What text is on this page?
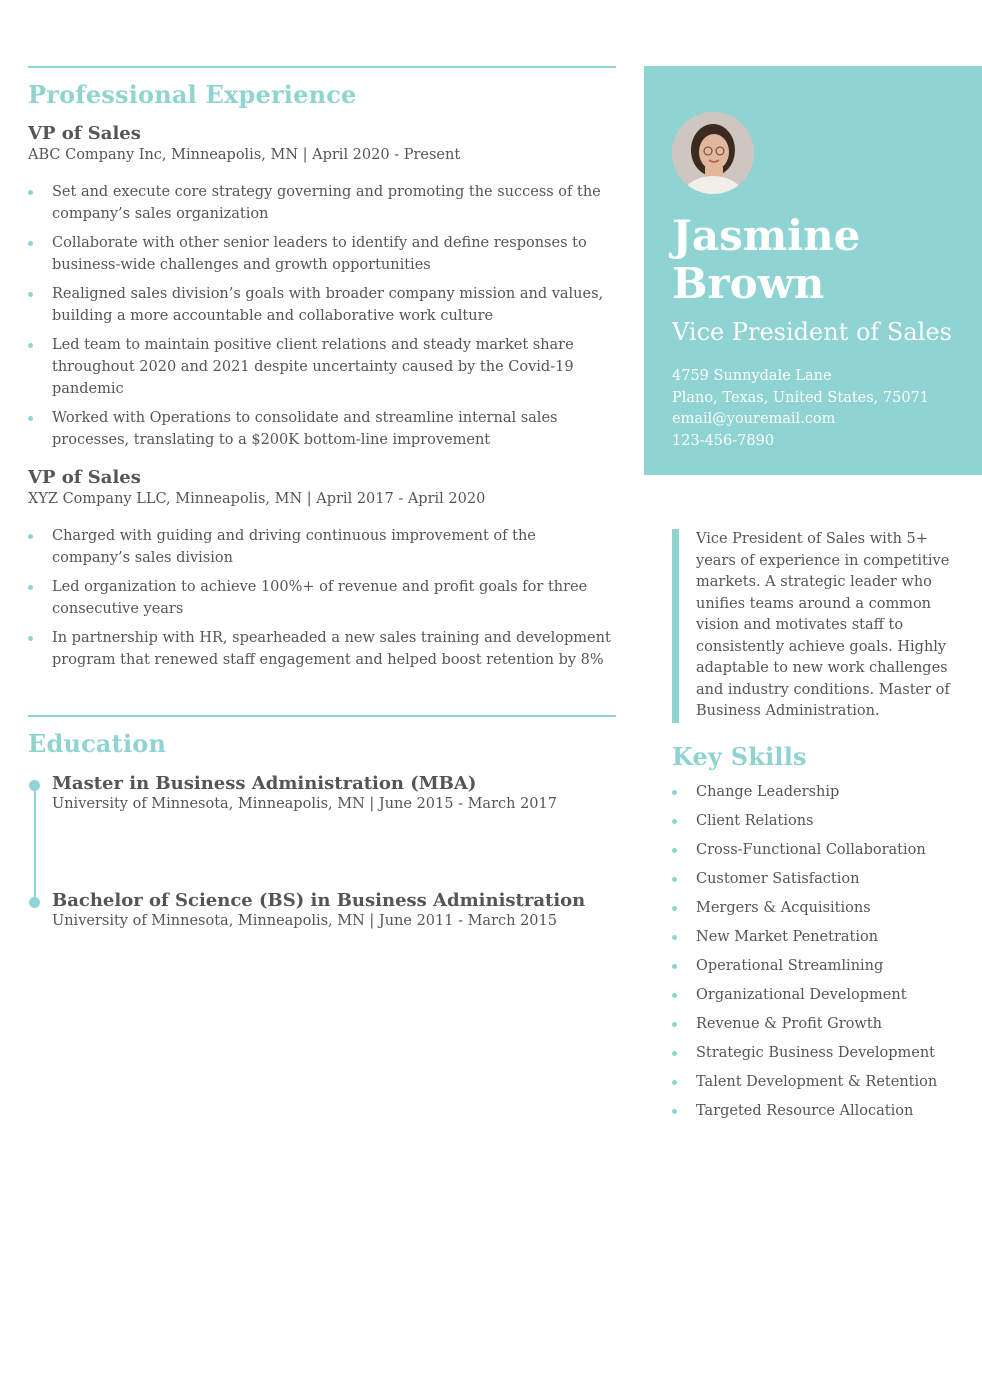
Professional Experience

VP of Sales

ABC Company Inc, Minneapolis, MN | April 2020 - Present

Set and execute core strategy governing and promoting the success of the company’s sales organization
Collaborate with other senior leaders to identify and define responses to business-wide challenges and growth opportunities
Realigned sales division’s goals with broader company mission and values, building a more accountable and collaborative work culture
Led team to maintain positive client relations and steady market share throughout 2020 and 2021 despite uncertainty caused by the Covid-19 pandemic
Worked with Operations to consolidate and streamline internal sales processes, translating to a $200K bottom-line improvement

VP of Sales

XYZ Company LLC, Minneapolis, MN | April 2017 - April 2020

Charged with guiding and driving continuous improvement of the company’s sales division
Led organization to achieve 100%+ of revenue and profit goals for three consecutive years
In partnership with HR, spearheaded a new sales training and development program that renewed staff engagement and helped boost retention by 8%
Education

Master in Business Administration (MBA)

University of Minnesota, Minneapolis, MN | June 2015 - March 2017

Bachelor of Science (BS) in Business Administration

University of Minnesota, Minneapolis, MN | June 2011 - March 2015

Jasmine
Brown

Vice President of Sales

4759 Sunnydale Lane
Plano, Texas, United States, 75071
email@youremail.com
123-456-7890
Vice President of Sales with 5+ years of experience in competitive markets. A strategic leader who unifies teams around a common vision and motivates staff to consistently achieve goals. Highly adaptable to new work challenges and industry conditions. Master of Business Administration.
Key Skills
Change Leadership
Client Relations
Cross-Functional Collaboration
Customer Satisfaction
Mergers & Acquisitions
New Market Penetration
Operational Streamlining
Organizational Development
Revenue & Profit Growth
Strategic Business Development
Talent Development & Retention
Targeted Resource Allocation
